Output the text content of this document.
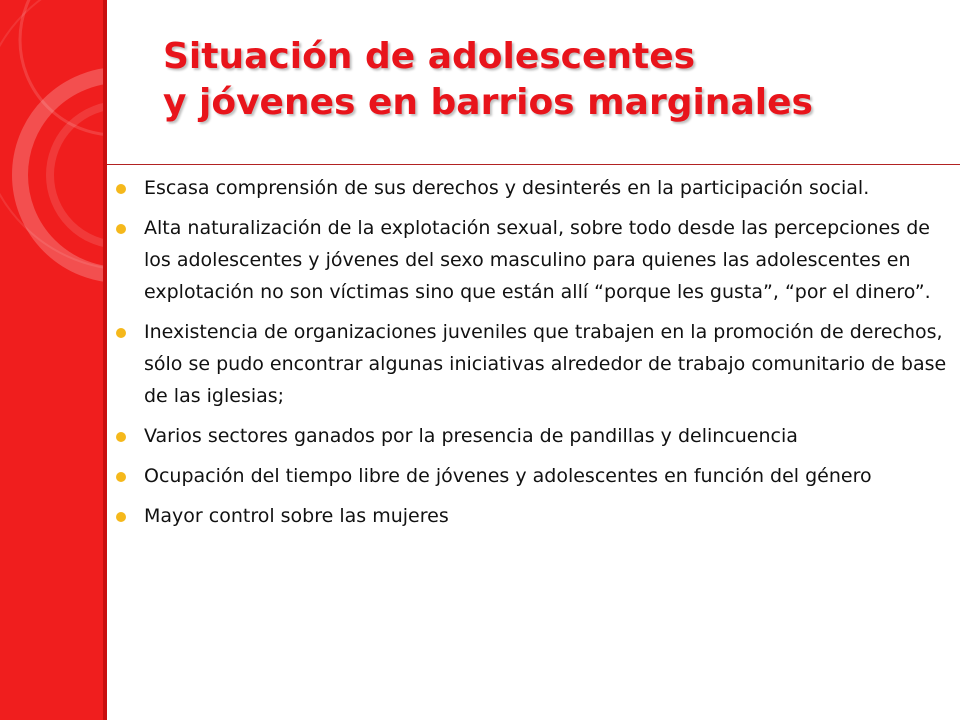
Situación de adolescentes
y jóvenes en barrios marginales
Escasa comprensión de sus derechos y desinterés en la participación social.
Alta naturalización de la explotación sexual, sobre todo desde las percepciones de los adolescentes y jóvenes del sexo masculino para quienes las adolescentes en explotación no son víctimas sino que están allí “porque les gusta”, “por el dinero”.
Inexistencia de organizaciones juveniles que trabajen en la promoción de derechos, sólo se pudo encontrar algunas iniciativas alrededor de trabajo comunitario de base de las iglesias;
Varios sectores ganados por la presencia de pandillas y delincuencia
Ocupación del tiempo libre de jóvenes y adolescentes en función del género
Mayor control sobre las mujeres
